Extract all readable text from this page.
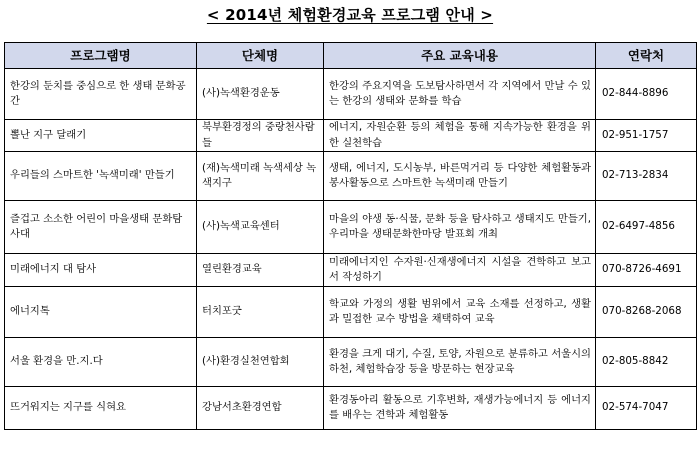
< 2014년 체험환경교육 프로그램 안내 >
프로그램명	단체명	주요 교육내용	연락처
한강의 둔치를 중심으로 한 생태 문화공간	(사)녹색환경운동	한강의 주요지역을 도보탐사하면서 각 지역에서 만날 수 있는 한강의 생태와 문화를 학습	02-844-8896
뽈난 지구 달래기	북부환경정의 중랑천사람들	에너지, 자원순환 등의 체험을 통해 지속가능한 환경을 위한 실천학습	02-951-1757
우리들의 스마트한 '녹색미래' 만들기	(재)녹색미래 녹색세상 녹색지구	생태, 에너지, 도시농부, 바른먹거리 등 다양한 체험활동과 봉사활동으로 스마트한 녹색미래 만들기	02-713-2834
즐겁고 소소한 어린이 마을생태 문화탐사대	(사)녹색교육센터	마을의 야생 동·식물, 문화 등을 탐사하고 생태지도 만들기, 우리마을 생태문화한마당 발표회 개최	02-6497-4856
미래에너지 대 탐사	열린환경교육	미래에너지인 수자원·신재생에너지 시설을 견학하고 보고서 작성하기	070-8726-4691
에너지톡	터치포굿	학교와 가정의 생활 범위에서 교육 소재를 선정하고, 생활과 밀접한 교수 방법을 채택하여 교육	070-8268-2068
서울 환경을 만.지.다	(사)환경실천연합회	환경을 크게 대기, 수질, 토양, 자원으로 분류하고 서울시의 하천, 체험학습장 등을 방문하는 현장교육	02-805-8842
뜨거워지는 지구를 식혀요	강남서초환경연합	환경동아리 활동으로 기후변화, 재생가능에너지 등 에너지를 배우는 견학과 체험활동	02-574-7047
